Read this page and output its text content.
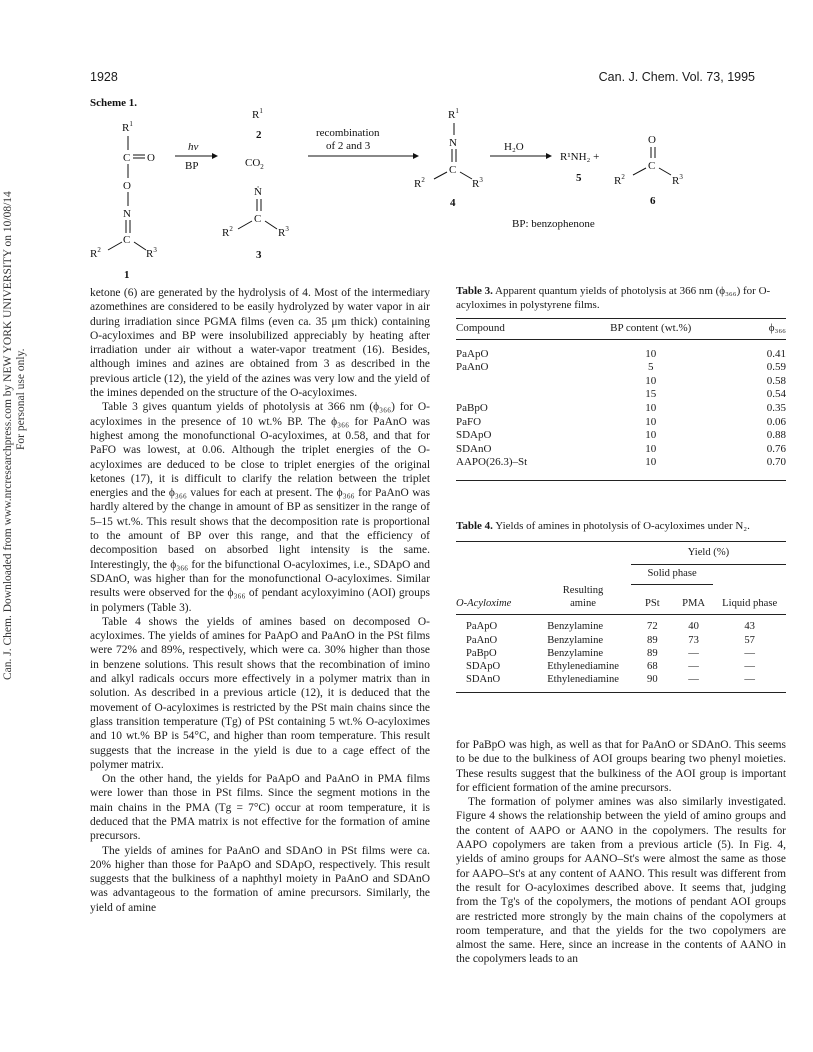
1928	Can. J. Chem. Vol. 73, 1995
Can. J. Chem. Downloaded from www.nrcresearchpress.com by NEW YORK UNIVERSITY on 10/08/14 For personal use only.
Scheme 1.
$R^1$
C O
O
N
C
$R^2$	$R^3$
1
hν
BP
$R^1$
2
$CO_2$
Ṅ
C
$R^2$	$R^3$
3
recombination
of 2 and 3
$R^1$
N
C
$R^2$	$R^3$
4
H₂O
R¹NH₂ +
5
O
C
$R^2$	$R^3$
6
BP: benzophenone

ketone (6) are generated by the hydrolysis of 4. Most of the intermediary azomethines are considered to be easily hydrolyzed by water vapor in air during irradiation since PGMA films (even ca. 35 μm thick) containing O-acyloximes and BP were insolubilized appreciably by heating after irradiation under air without a water-vapor treatment (16). Besides, although imines and azines are obtained from 3 as described in the previous article (12), the yield of the azines was very low and the yield of the imines depended on the structure of the O-acyloximes.

Table 3 gives quantum yields of photolysis at 366 nm (ϕ₃₆₆) for O-acyloximes in the presence of 10 wt.% BP. The ϕ₃₆₆ for PaAnO was highest among the monofunctional O-acyloximes, at 0.58, and that for PaFO was lowest, at 0.06. Although the triplet energies of the O-acyloximes are deduced to be close to triplet energies of the original ketones (17), it is difficult to clarify the relation between the triplet energies and the ϕ₃₆₆ values for each at present. The ϕ₃₆₆ for PaAnO was hardly altered by the change in amount of BP as sensitizer in the range of 5–15 wt.%. This result shows that the decomposition rate is proportional to the amount of BP over this range, and that the efficiency of decomposition based on absorbed light intensity is the same. Interestingly, the ϕ₃₆₆ for the bifunctional O-acyloximes, i.e., SDApO and SDAnO, was higher than for the monofunctional O-acyloximes. Similar results were observed for the ϕ₃₆₆ of pendant acyloxyimino (AOI) groups in polymers (Table 3).

Table 4 shows the yields of amines based on decomposed O-acyloximes. The yields of amines for PaApO and PaAnO in the PSt films were 72% and 89%, respectively, which were ca. 30% higher than those in benzene solutions. This result shows that the recombination of imino and alkyl radicals occurs more effectively in a polymer matrix than in solution. As described in a previous article (12), it is deduced that the movement of O-acyloximes is restricted by the PSt main chains since the glass transition temperature (Tg) of PSt containing 5 wt.% O-acyloximes and 10 wt.% BP is 54°C, and higher than room temperature. This result suggests that the increase in the yield is due to a cage effect of the polymer matrix.

On the other hand, the yields for PaApO and PaAnO in PMA films were lower than those in PSt films. Since the segment motions in the main chains in the PMA (Tg = 7°C) occur at room temperature, it is deduced that the PMA matrix is not effective for the formation of amine precursors.

The yields of amines for PaAnO and SDAnO in PSt films were ca. 20% higher than those for PaApO and SDApO, respectively. This result suggests that the bulkiness of a naphthyl moiety in PaAnO and SDAnO was advantageous to the formation of amine precursors. Similarly, the yield of amine

Table 3. Apparent quantum yields of photolysis at 366 nm (ϕ₃₆₆) for O-acyloximes in polystyrene films.
Compound	BP content (wt.%)	ϕ₃₆₆
PaApO	10	0.41
PaAnO	5	0.59
	10	0.58
	15	0.54
PaBpO	10	0.35
PaFO	10	0.06
SDApO	10	0.88
SDAnO	10	0.76
AAPO(26.3)–St	10	0.70
Table 4. Yields of amines in photolysis of O-acyloximes under N₂.
		Yield (%)		
		Solid phase		
	Resulting			
O-Acyloxime	amine	PSt	PMA	Liquid phase
PaApO	Benzylamine	72	40	43
PaAnO	Benzylamine	89	73	57
PaBpO	Benzylamine	89	—	—
SDApO	Ethylenediamine	68	—	—
SDAnO	Ethylenediamine	90	—	—

for PaBpO was high, as well as that for PaAnO or SDAnO. This seems to be due to the bulkiness of AOI groups bearing two phenyl moieties. These results suggest that the bulkiness of the AOI group is important for efficient formation of the amine precursors.

The formation of polymer amines was also similarly investigated. Figure 4 shows the relationship between the yield of amino groups and the content of AAPO or AANO in the copolymers. The results for AAPO copolymers are taken from a previous article (5). In Fig. 4, yields of amino groups for AANO–St's were almost the same as those for AAPO–St's at any content of AANO. This result was different from the result for O-acyloximes described above. It seems that, judging from the Tg's of the copolymers, the motions of pendant AOI groups are restricted more strongly by the main chains of the copolymers at room temperature, and that the yields for the two copolymers are almost the same. Here, since an increase in the contents of AANO in the copolymers leads to an
